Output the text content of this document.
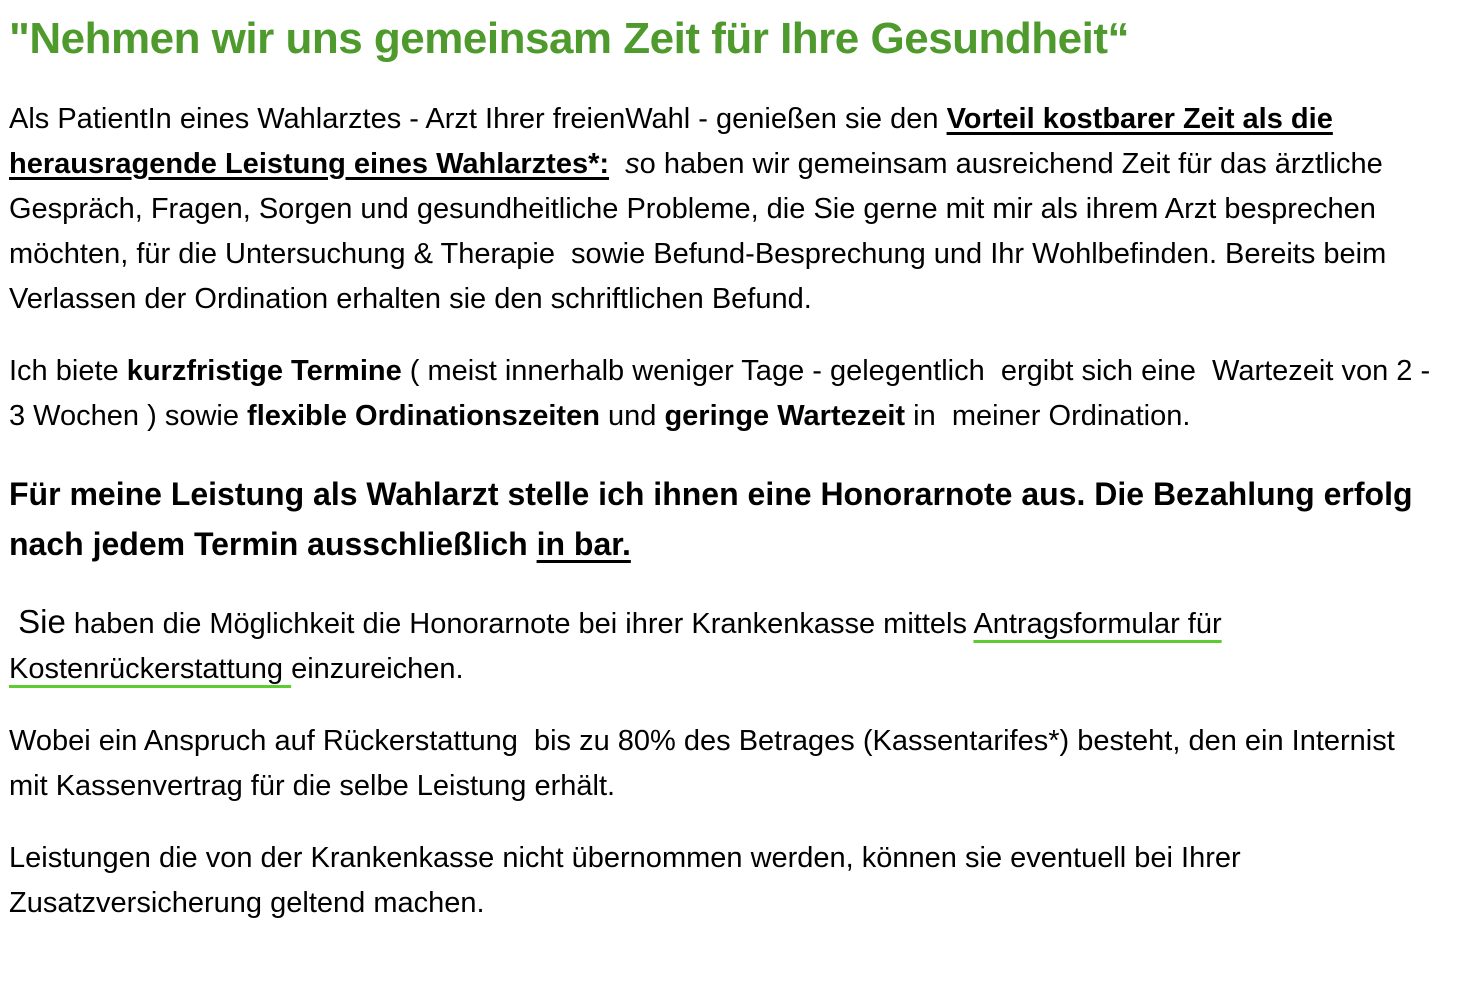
"Nehmen wir uns gemeinsam Zeit für Ihre Gesundheit“

Als PatientIn eines Wahlarztes - Arzt Ihrer freienWahl - genießen sie den Vorteil kostbarer Zeit als die herausragende Leistung eines Wahlarztes*: so haben wir gemeinsam ausreichend Zeit für das ärztliche Gespräch, Fragen, Sorgen und gesundheitliche Probleme, die Sie gerne mit mir als ihrem Arzt besprechen möchten, für die Untersuchung & Therapie  sowie Befund-Besprechung und Ihr Wohlbefinden. Bereits beim Verlassen der Ordination erhalten sie den schriftlichen Befund.

Ich biete kurzfristige Termine ( meist innerhalb weniger Tage - gelegentlich  ergibt sich eine  Wartezeit von 2 - 3 Wochen ) sowie flexible Ordinationszeiten und geringe Wartezeit in  meiner Ordination.

Für meine Leistung als Wahlarzt stelle ich ihnen eine Honorarnote aus. Die Bezahlung erfolg nach jedem Termin ausschließlich in bar.

Sie haben die Möglichkeit die Honorarnote bei ihrer Krankenkasse mittels Antragsformular für Kostenrückerstattung einzureichen.

Wobei ein Anspruch auf Rückerstattung  bis zu 80% des Betrages (Kassentarifes*) besteht, den ein Internist mit Kassenvertrag für die selbe Leistung erhält.

Leistungen die von der Krankenkasse nicht übernommen werden, können sie eventuell bei Ihrer Zusatzversicherung geltend machen.
